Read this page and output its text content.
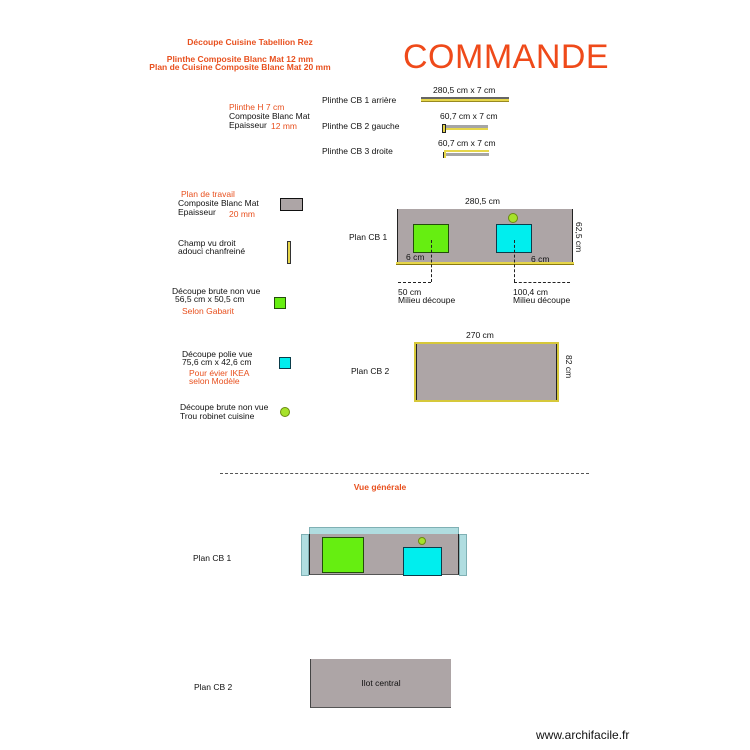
Découpe Cuisine Tabellion Rez
Plinthe Composite Blanc Mat 12 mm
Plan de Cuisine Composite Blanc Mat 20 mm	COMMANDE
Plinthe H 7 cm
Composite Blanc Mat
Epaisseur 12 mm
Plinthe CB 1 arrière
280,5 cm x 7 cm
Plinthe CB 2 gauche
60,7 cm x 7 cm
Plinthe CB 3 droite
60,7 cm x 7 cm
Plan de travail
Composite Blanc Mat
Epaisseur 20 mm
Champ vu droit
adouci chanfreiné
Découpe brute non vue
56,5 cm x 50,5 cm
Selon Gabarit
Découpe polie vue
75,6 cm x 42,6 cm
Pour évier IKEA
selon Modèle
Découpe brute non vue
Trou robinet cuisine
Plan CB 1
280,5 cm
62,5 cm
6 cm	6 cm
50 cm
Milieu découpe
100,4 cm
Milieu découpe
Plan CB 2
270 cm
82 cm
Vue générale
Plan CB 1
Plan CB 2	Ilot central
www.archifacile.fr
